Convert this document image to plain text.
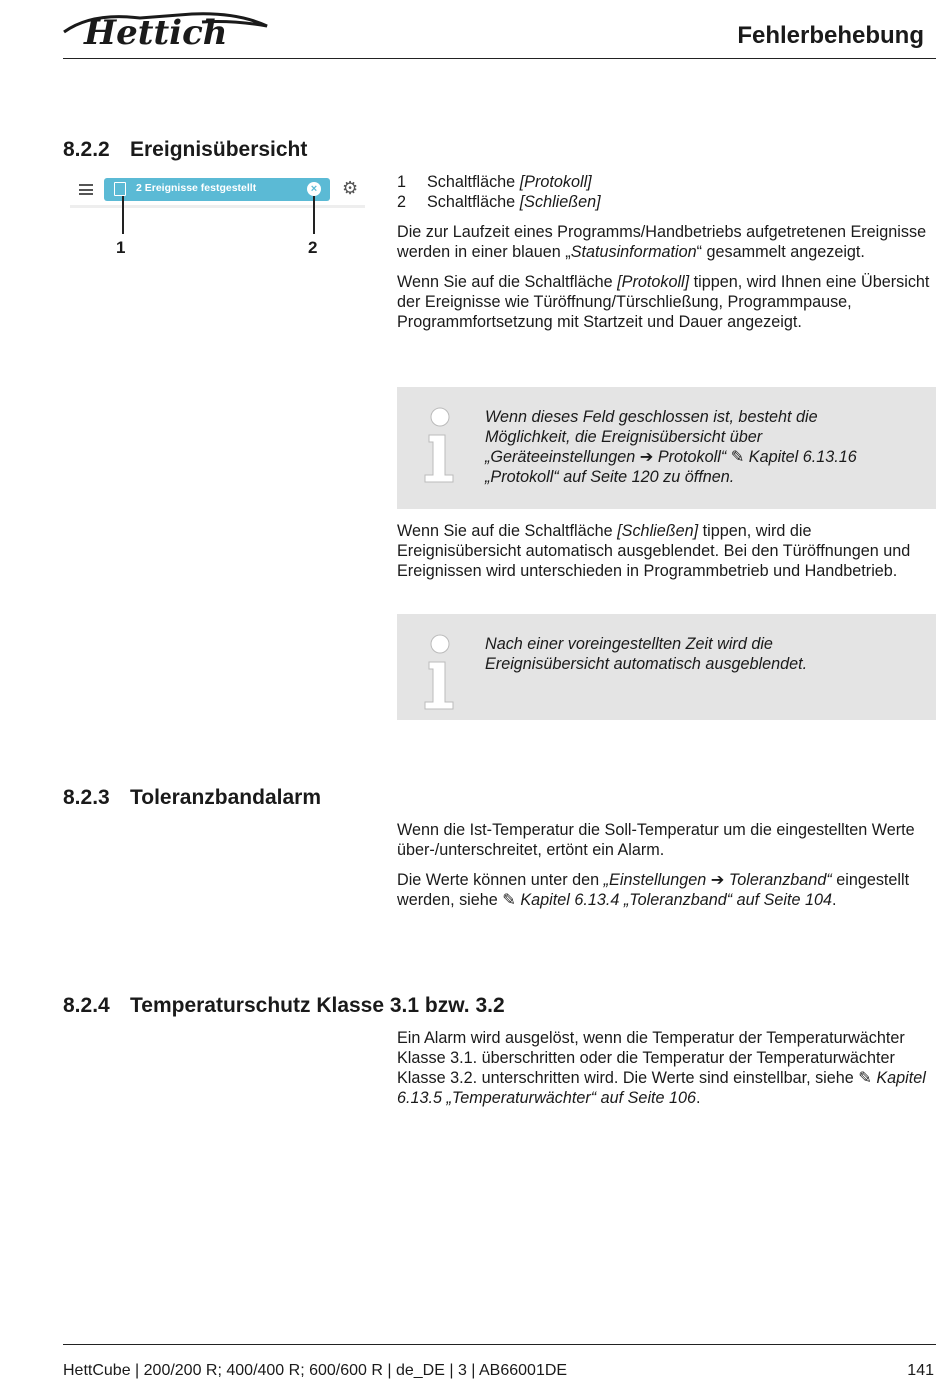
Hettich	Fehlerbehebung
8.2.2 Ereignisübersicht
2 Ereignisse festgestellt	× ⚙
1	2
1	Schaltfläche
[Protokoll]
2	Schaltfläche
[Schließen]

Die zur Laufzeit eines Programms/Handbetriebs aufgetretenen Ereignisse werden in einer blauen „Statusinformation“ gesammelt angezeigt.

Wenn Sie auf die Schaltfläche [Protokoll] tippen, wird Ihnen eine Übersicht der Ereignisse wie Türöffnung/Türschließung, Programmpause, Programmfortsetzung mit Startzeit und Dauer angezeigt.

Wenn dieses Feld geschlossen ist, besteht die Möglichkeit, die Ereignisübersicht über „Geräteeinstellungen ➔ Protokoll“ ✎ Kapitel 6.13.16 „Protokoll“ auf Seite 120 zu öffnen.

Wenn Sie auf die Schaltfläche [Schließen] tippen, wird die Ereignisübersicht automatisch ausgeblendet. Bei den Türöffnungen und Ereignissen wird unterschieden in Programmbetrieb und Handbetrieb.

Nach einer voreingestellten Zeit wird die Ereignisübersicht automatisch ausgeblendet.
8.2.3 Toleranzbandalarm

Wenn die Ist-Temperatur die Soll-Temperatur um die eingestellten Werte über-/unterschreitet, ertönt ein Alarm.

Die Werte können unter den „Einstellungen ➔ Toleranzband“ eingestellt werden, siehe ✎ Kapitel 6.13.4 „Toleranzband“ auf Seite 104.

8.2.4 Temperaturschutz Klasse 3.1 bzw. 3.2

Ein Alarm wird ausgelöst, wenn die Temperatur der Temperaturwächter Klasse 3.1. überschritten oder die Temperatur der Temperaturwächter Klasse 3.2. unterschritten wird. Die Werte sind einstellbar, siehe ✎ Kapitel 6.13.5 „Temperaturwächter“ auf Seite 106.

HettCube | 200/200 R; 400/400 R; 600/600 R | de_DE | 3 | AB66001DE	141
